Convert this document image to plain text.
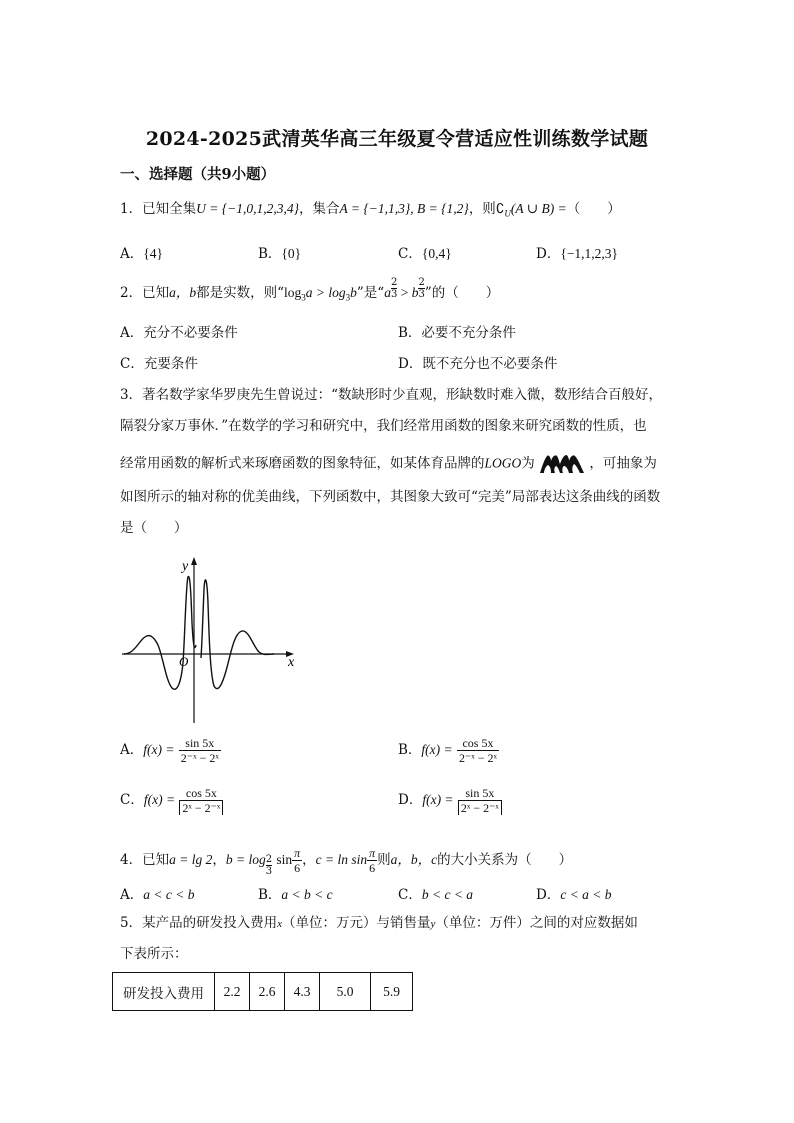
2024-2025武清英华高三年级夏令营适应性训练数学试题
一、选择题（共9小题）
1．已知全集U = {−1,0,1,2,3,4}，集合A = {−1,1,3}, B = {1,2}，则$∁_U(A$ ∪ B) =（　　）
A．{4}	B．{0}	C．{0,4}	D．{−1,1,2,3}
2．已知a，b都是实数，则“$\log_3a > \log_3b$”是“$a \frac{2}{3} > b \frac{2}{3}$ ”的（　　）
A．充分不必要条件	B．必要不充分条件
C．充要条件	D．既不充分也不必要条件
3．著名数学家华罗庚先生曾说过：“数缺形时少直观，形缺数时难入微，数形结合百般好，
隔裂分家万事休．”在数学的学习和研究中，我们经常用函数的图象来研究函数的性质，也
经常用函数的解析式来琢磨函数的图象特征，如某体育品牌的LOGO为	，可抽象为
如图所示的轴对称的优美曲线，下列函数中，其图象大致可“完美”局部表达这条曲线的函数
是（　　）
y
x
O
A．$f(x) = \frac{\sin 5x}{\text{2⁻ˣ − 2ˣ}}$	B．$f(x) = \frac{\cos 5x}{\text{2⁻ˣ − 2ˣ}}$
C．$f(x) = \frac{\cos 5x}{\text{2ˣ − 2⁻ˣ}}$	D．$f(x) = \frac{\sin 5x}{\text{2ˣ − 2⁻ˣ}}$
4．已知a = lg 2，$b = \log \frac{2}{3}$ $\sin \frac{\pi}{6}$ ，$c = \ln \sin \frac{\pi}{6}$ 则a，b，c的大小关系为（　　）
A．a < c < b	B．a < b < c	C．b < c < a	D．c < a < b
5．某产品的研发投入费用x（单位：万元）与销售量y（单位：万件）之间的对应数据如
下表所示：
研发投入费用	2.2	2.6	4.3	5.0	5.9
